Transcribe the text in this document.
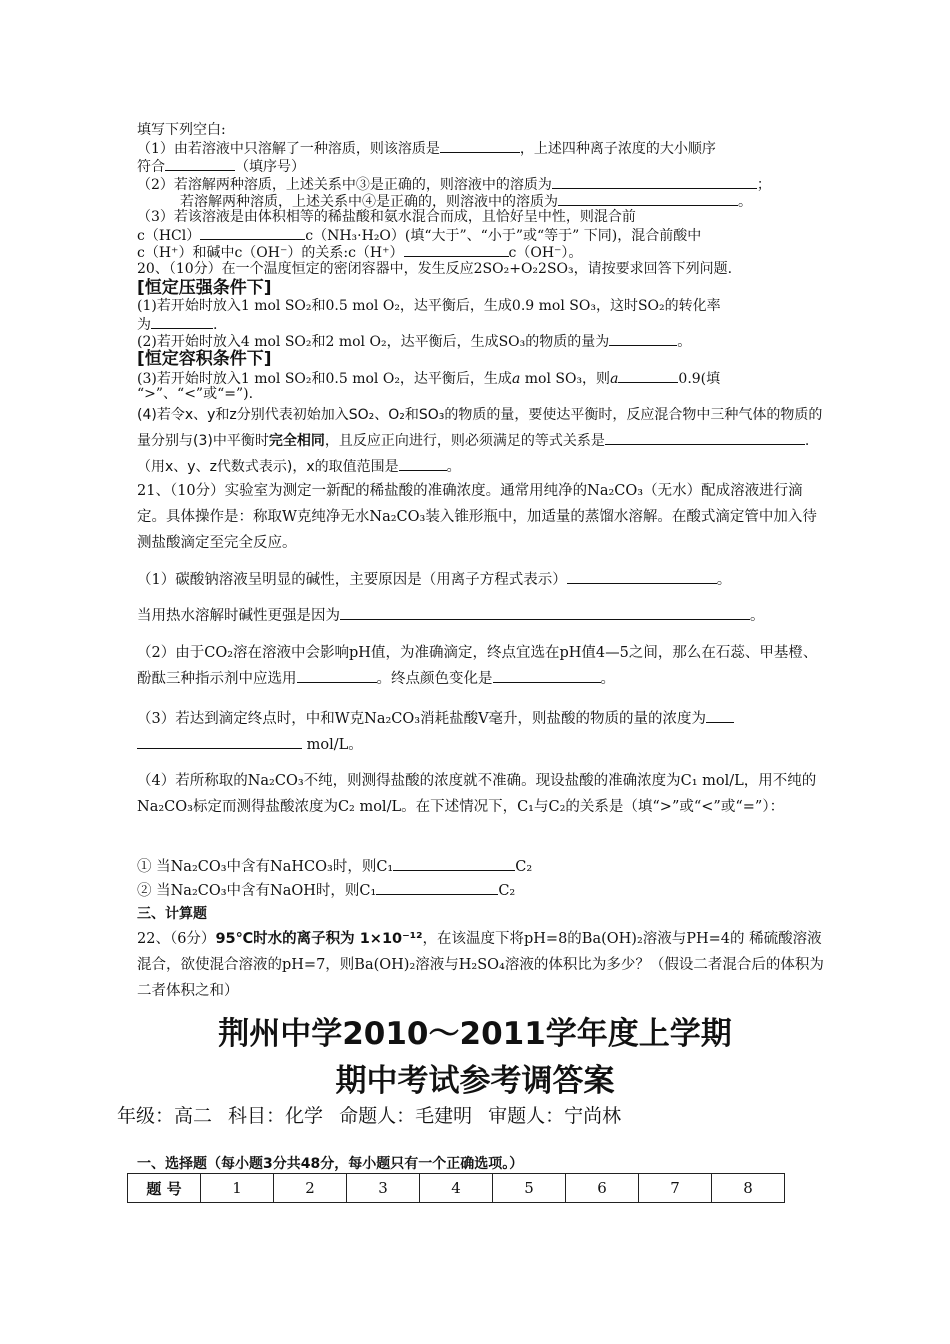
填写下列空白:
（1）由若溶液中只溶解了一种溶质，则该溶质是	，上述四种离子浓度的大小顺序
符合	（填序号）
（2）若溶解两种溶质，上述关系中③是正确的，则溶液中的溶质为	；
若溶解两种溶质，上述关系中④是正确的，则溶液中的溶质为	。
（3）若该溶液是由体积相等的稀盐酸和氨水混合而成，且恰好呈中性，则混合前
c（HCl）	c（NH₃·H₂O）(填“大于”、“小于”或“等于” 下同)，混合前酸中
c（H⁺）和碱中c（OH⁻）的关系:c（H⁺）	c（OH⁻）。
20、（10分）在一个温度恒定的密闭容器中，发生反应2SO₂+O₂2SO₃，请按要求回答下列问题.
[恒定压强条件下]
(1)若开始时放入1 mol SO₂和0.5 mol O₂，达平衡后，生成0.9 mol SO₃，这时SO₂的转化率
为	.
(2)若开始时放入4 mol SO₂和2 mol O₂，达平衡后，生成SO₃的物质的量为	。
[恒定容积条件下]
(3)若开始时放入1 mol SO₂和0.5 mol O₂，达平衡后，生成a mol SO₃，则a	0.9(填
“>”、“<”或“=”).
(4)若令x、y和z分别代表初始加入SO₂、O₂和SO₃的物质的量，要使达平衡时，反应混合物中三种气体的物质的量分别与(3)中平衡时完全相同，且反应正向进行，则必须满足的等式关系是	.（用x、y、z代数式表示)，x的取值范围是	。
21、（10分）实验室为测定一新配的稀盐酸的准确浓度。通常用纯净的Na₂CO₃（无水）配成溶液进行滴定。具体操作是：称取W克纯净无水Na₂CO₃装入锥形瓶中，加适量的蒸馏水溶解。在酸式滴定管中加入待测盐酸滴定至完全反应。
（1）碳酸钠溶液呈明显的碱性，主要原因是（用离子方程式表示）	。
当用热水溶解时碱性更强是因为	。
（2）由于CO₂溶在溶液中会影响pH值，为准确滴定，终点宜选在pH值4—5之间，那么在石蕊、甲基橙、酚酞三种指示剂中应选用	。终点颜色变化是	。
（3）若达到滴定终点时，中和W克Na₂CO₃消耗盐酸V毫升，则盐酸的物质的量的浓度为
mol/L。
（4）若所称取的Na₂CO₃不纯，则测得盐酸的浓度就不准确。现设盐酸的准确浓度为C₁ mol/L，用不纯的Na₂CO₃标定而测得盐酸浓度为C₂ mol/L。在下述情况下，C₁与C₂的关系是（填“>”或“<”或“=”）：
① 当Na₂CO₃中含有NaHCO₃时，则C₁	C₂
② 当Na₂CO₃中含有NaOH时，则C₁	C₂
三、计算题
22、（6分）95℃时水的离子积为 1×10⁻¹²，在该温度下将pH=8的Ba(OH)₂溶液与PH=4的 稀硫酸溶液混合，欲使混合溶液的pH=7，则Ba(OH)₂溶液与H₂SO₄溶液的体积比为多少？（假设二者混合后的体积为二者体积之和）
荆州中学2010～2011学年度上学期
期中考试参考调答案
年级：高二 科目：化学 命题人：毛建明 审题人：宁尚林
一、选择题（每小题3分共48分，每小题只有一个正确选项。）
题 号	1	2	3	4	5	6	7	8
